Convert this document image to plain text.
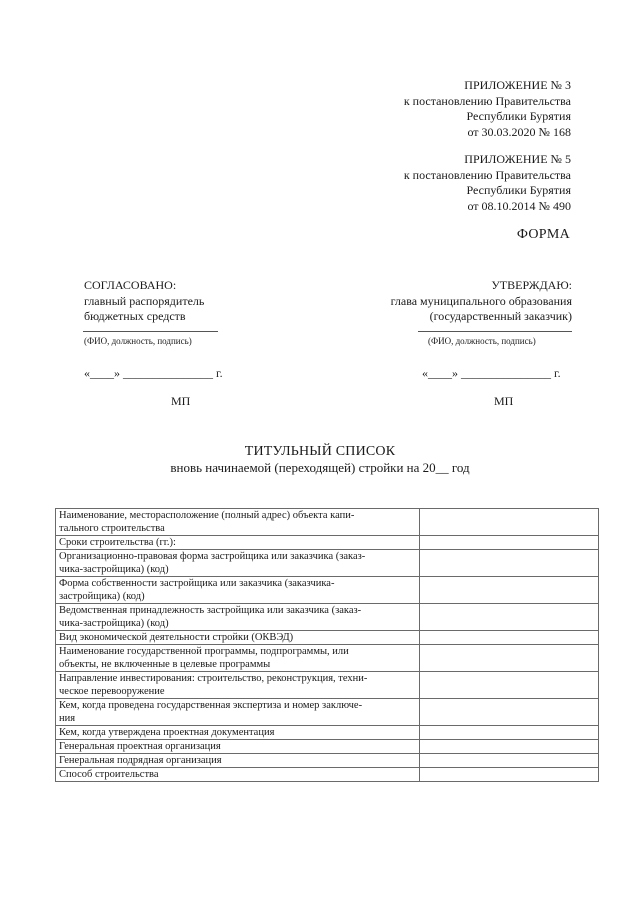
ПРИЛОЖЕНИЕ № 3
к постановлению Правительства
Республики Бурятия
от 30.03.2020 № 168
ПРИЛОЖЕНИЕ № 5
к постановлению Правительства
Республики Бурятия
от 08.10.2014 № 490
ФОРМА
СОГЛАСОВАНО:
главный распорядитель
бюджетных средств
(ФИО, должность, подпись)
«____» _______________ г.
МП
УТВЕРЖДАЮ:
глава муниципального образования
(государственный заказчик)
(ФИО, должность, подпись)
«____» _______________ г.
МП
ТИТУЛЬНЫЙ СПИСОК
вновь начинаемой (переходящей) стройки на 20__ год
Наименование, месторасположение (полный адрес) объекта капи-
тального строительства	
Сроки строительства (гг.):	
Организационно-правовая форма застройщика или заказчика (заказ-
чика-застройщика) (код)	
Форма собственности застройщика или заказчика (заказчика-
застройщика) (код)	
Ведомственная принадлежность застройщика или заказчика (заказ-
чика-застройщика) (код)	
Вид экономической деятельности стройки (ОКВЭД)	
Наименование государственной программы, подпрограммы, или
объекты, не включенные в целевые программы	
Направление инвестирования: строительство, реконструкция, техни-
ческое перевооружение	
Кем, когда проведена государственная экспертиза и номер заключе-
ния	
Кем, когда утверждена проектная документация	
Генеральная проектная организация	
Генеральная подрядная организация	
Способ строительства	
